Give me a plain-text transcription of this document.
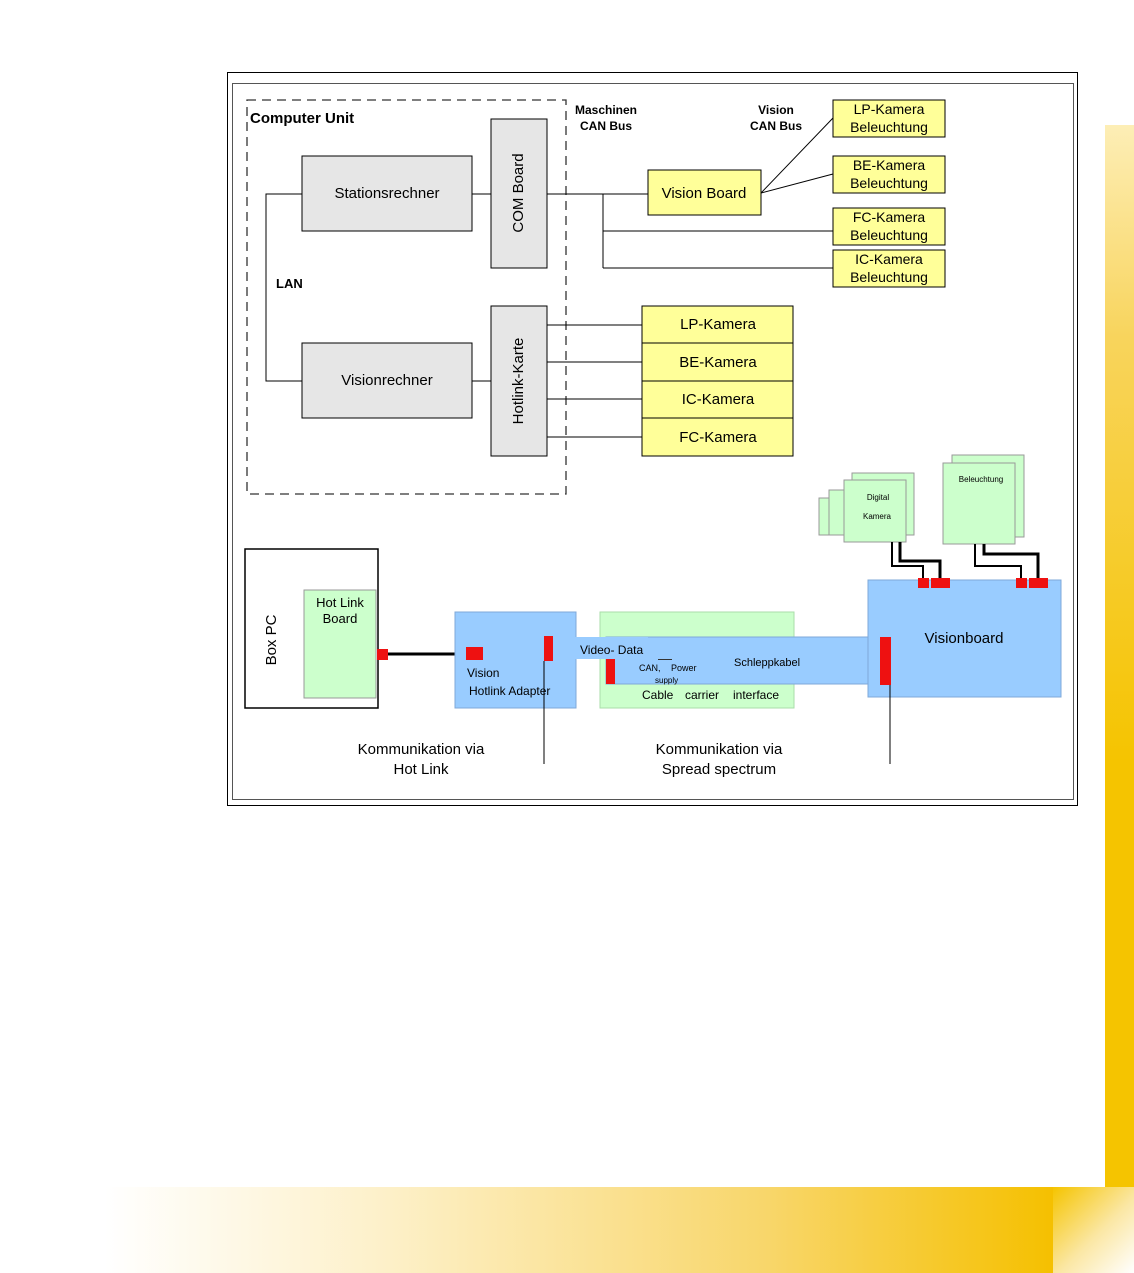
Computer Unit
LAN
Stationsrechner	COM Board
Visionrechner	Hotlink-Karte
Maschinen
CAN Bus
Vision
CAN Bus
Vision Board
LP-Kamera
Beleuchtung
BE-Kamera
Beleuchtung
FC-Kamera
Beleuchtung
IC-Kamera
Beleuchtung
LP-Kamera
BE-Kamera
IC-Kamera
FC-Kamera
Box PC
Hot Link
Board
Vision
Hotlink Adapter
Video- Data
CAN, Power
supply
Schleppkabel
Cable carrier interface
Visionboard
Kommunikation via
Hot Link
Kommunikation via
Spread spectrum
Digital
Kamera
Beleuchtung
